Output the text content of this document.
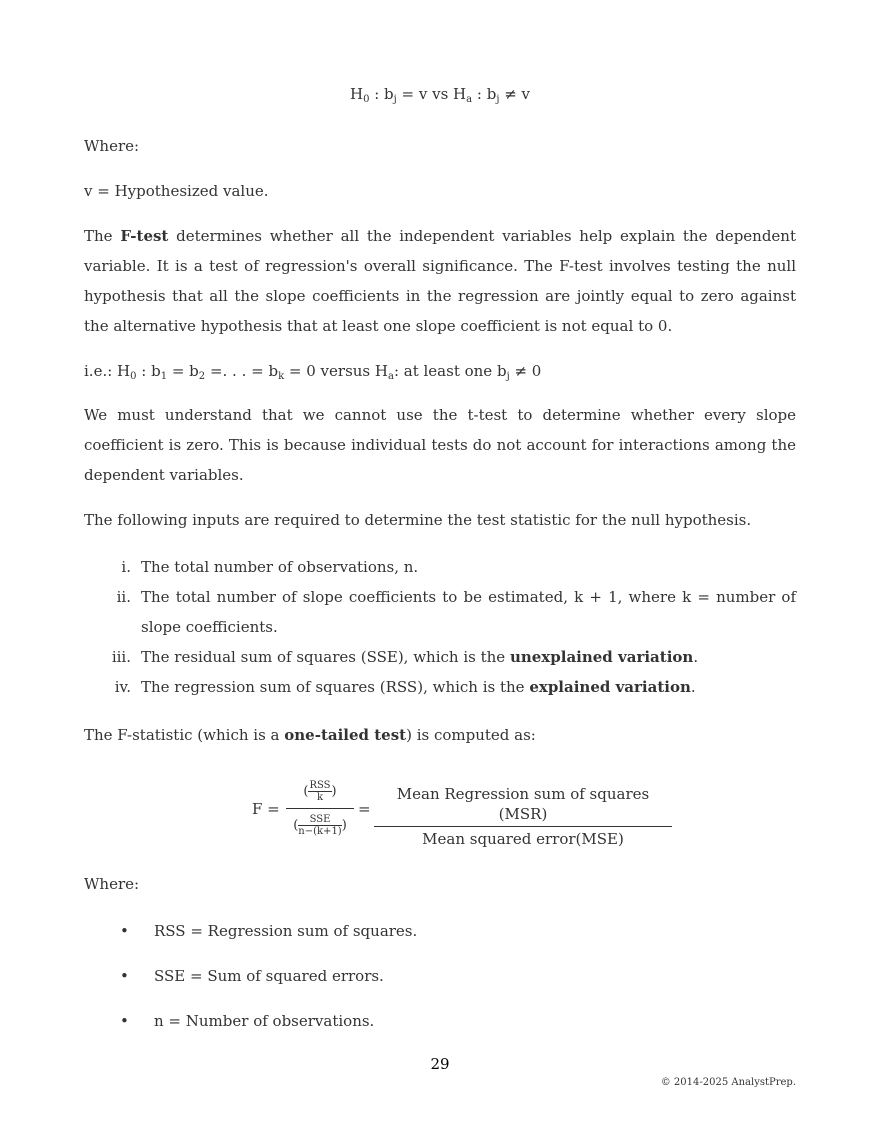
$H_0$ : $b_j = v$ vs $H_a$ : $b_j \ne v$

Where:

v = Hypothesized value.

The F-test determines whether all the independent variables help explain the dependent variable. It is a test of regression's overall significance. The F-test involves testing the null hypothesis that all the slope coefficients in the regression are jointly equal to zero against the alternative hypothesis that at least one slope coefficient is not equal to 0.

i.e.: $H_0$ : $b_1 = b_2$ =. . . = $b_k = 0$ versus $H_a$: at least one $b_j \ne 0$

We must understand that we cannot use the t-test to determine whether every slope coefficient is zero. This is because individual tests do not account for interactions among the dependent variables.

The following inputs are required to determine the test statistic for the null hypothesis.

i. The total number of observations, n.
ii. The total number of slope coefficients to be estimated, k + 1, where k = number of slope coefficients.
iii. The residual sum of squares (SSE), which is the unexplained variation.
iv. The regression sum of squares (RSS), which is the explained variation.

The F-statistic (which is a one-tailed test) is computed as:

F =
( $\frac{\text{RSS}}{k}$ )
( $\frac{\text{SSE}}{n-(k+1)}$ )
=
Mean Regression sum of squares (MSR)
Mean squared error(MSE)

Where:

• RSS = Regression sum of squares.
• SSE = Sum of squared errors.
• n = Number of observations.
29
© 2014-2025 AnalystPrep.
